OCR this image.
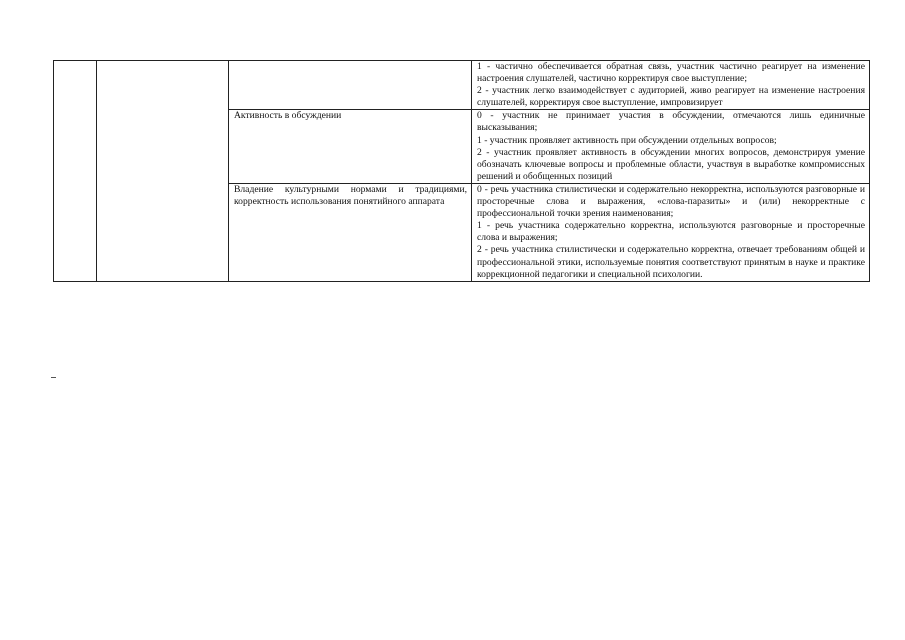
			1 - частично обеспечивается обратная связь, участник частично реагирует на изменение настроения слушателей, частично корректируя свое выступление;
2 - участник легко взаимодействует с аудиторией, живо реагирует на изменение настроения слушателей, корректируя свое выступление, импровизирует

		Активность в обсуждении	0 - участник не принимает участия в обсуждении, отмечаются лишь единичные высказывания;
1 - участник проявляет активность при обсуждении отдельных вопросов;
2 - участник проявляет активность в обсуждении многих вопросов, демонстрируя умение обозначать ключевые вопросы и проблемные области, участвуя в выработке компромиссных решений и обобщенных позиций

		Владение культурными нормами и традициями, корректность использования понятийного аппарата	0 - речь участника стилистически и содержательно некорректна, используются разговорные и просторечные слова и выражения, «слова-паразиты» и (или) некорректные с профессиональной точки зрения наименования;
1 - речь участника содержательно корректна, используются разговорные и просторечные слова и выражения;
2 - речь участника стилистически и содержательно корректна, отвечает требованиям общей и профессиональной этики, используемые понятия соответствуют принятым в науке и практике коррекционной педагогики и специальной психологии.
